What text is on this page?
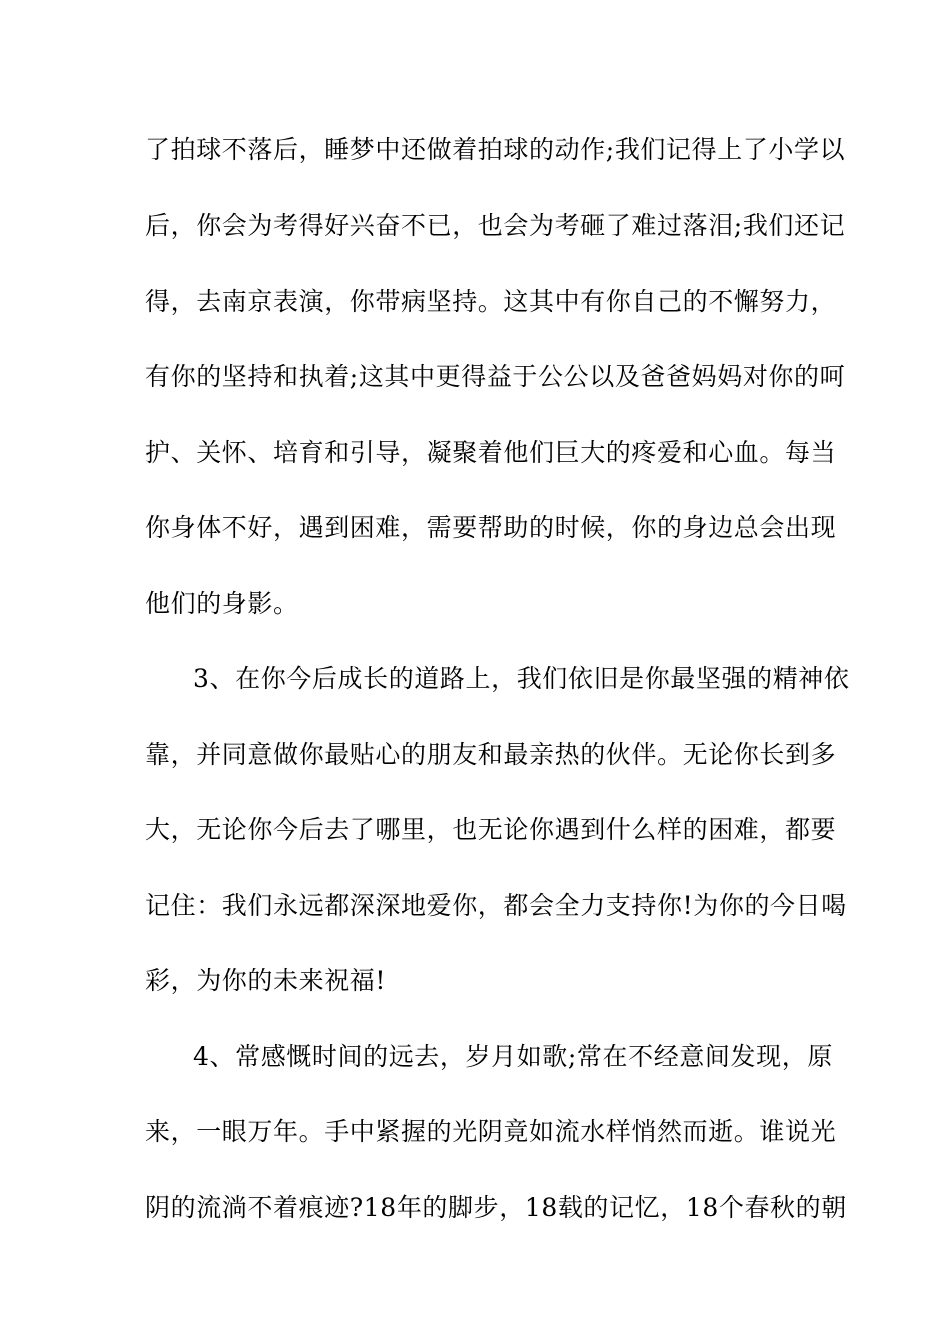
了拍球不落后，睡梦中还做着拍球的动作;我们记得上了小学以
后，你会为考得好兴奋不已，也会为考砸了难过落泪;我们还记
得，去南京表演，你带病坚持。这其中有你自己的不懈努力，
有你的坚持和执着;这其中更得益于公公以及爸爸妈妈对你的呵
护、关怀、培育和引导，凝聚着他们巨大的疼爱和心血。每当
你身体不好，遇到困难，需要帮助的时候，你的身边总会出现
他们的身影。
3、在你今后成长的道路上，我们依旧是你最坚强的精神依
靠，并同意做你最贴心的朋友和最亲热的伙伴。无论你长到多
大，无论你今后去了哪里，也无论你遇到什么样的困难，都要
记住：我们永远都深深地爱你，都会全力支持你!为你的今日喝
彩，为你的未来祝福!
4、常感慨时间的远去，岁月如歌;常在不经意间发现，原
来，一眼万年。手中紧握的光阴竟如流水样悄然而逝。谁说光
阴的流淌不着痕迹?18年的脚步，18载的记忆，18个春秋的朝
